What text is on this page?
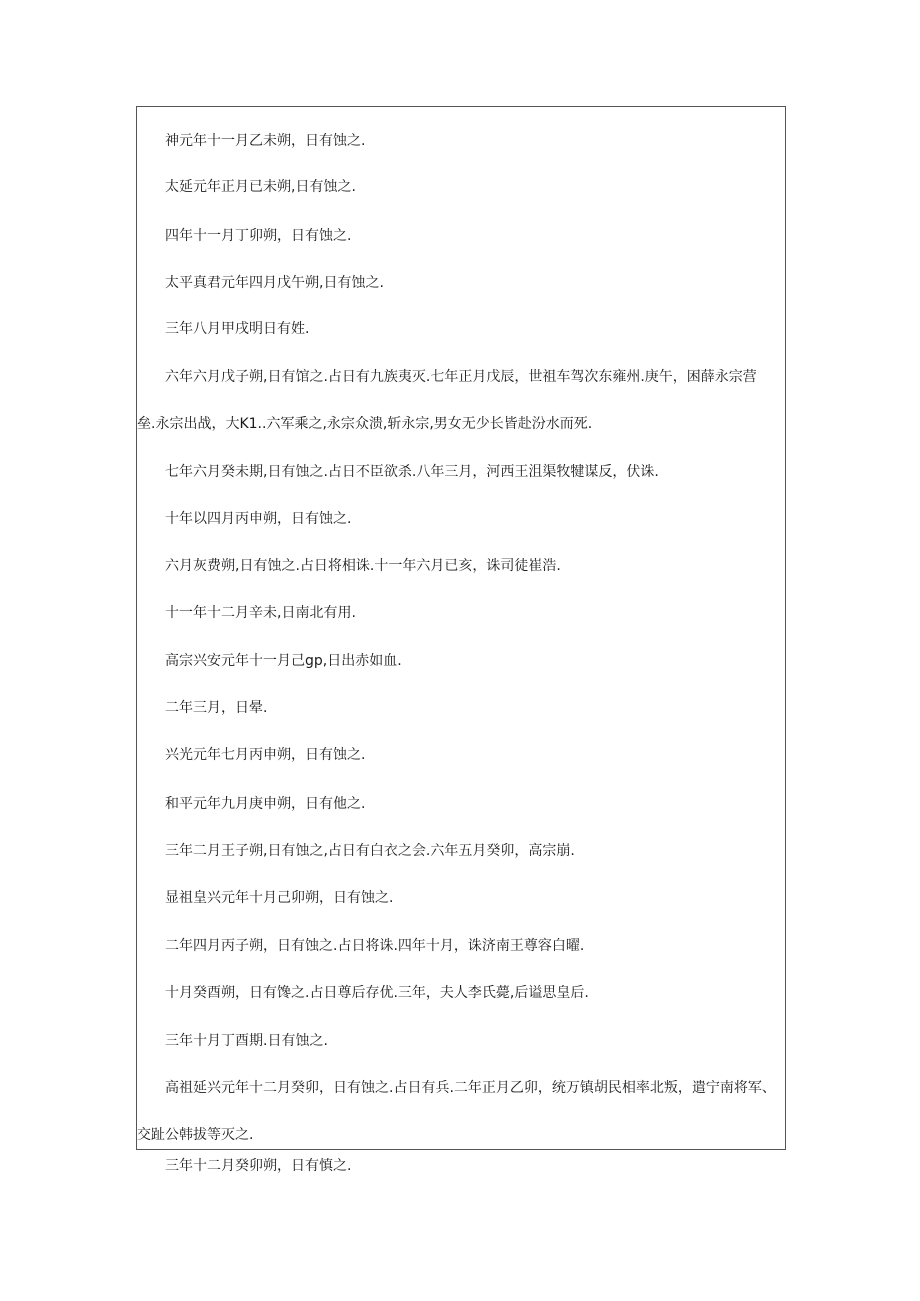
神元年十一月乙未朔，日有蚀之.
太延元年正月已未朔,日有蚀之.
四年十一月丁卯朔，日有蚀之.
太平真君元年四月戊午朔,日有蚀之.
三年八月甲戌明日有姓.
六年六月戊子朔,日有馆之.占日有九族夷灭.七年正月戊辰，世祖车驾次东雍州.庚午，困薛永宗营
垒.永宗出战，大K1..六军乘之,永宗众溃,斩永宗,男女无少长皆赴汾水而死.
七年六月癸未期,日有蚀之.占日不臣欲杀.八年三月，河西王沮渠牧犍谋反，伏诛.
十年以四月丙申朔，日有蚀之.
六月灰费朔,日有蚀之.占日将相诛.十一年六月已亥，诛司徒崔浩.
十一年十二月辛未,日南北有用.
高宗兴安元年十一月己gp,日出赤如血.
二年三月，日晕.
兴光元年七月丙申朔，日有蚀之.
和平元年九月庚申朔，日有他之.
三年二月王子朔,日有蚀之,占日有白衣之会.六年五月癸卯，高宗崩.
显祖皇兴元年十月己卯朔，日有蚀之.
二年四月丙子朔，日有蚀之.占日将诛.四年十月，诛济南王尊容白曜.
十月癸酉朔，日有馋之.占日尊后存优.三年，夫人李氏薨,后谥思皇后.
三年十月丁酉期.日有蚀之.
高祖延兴元年十二月癸卯，日有蚀之.占日有兵.二年正月乙卯，统万镇胡民相率北叛，遣宁南将军、
交趾公韩拔等灭之.
三年十二月癸卯朔，日有慎之.
